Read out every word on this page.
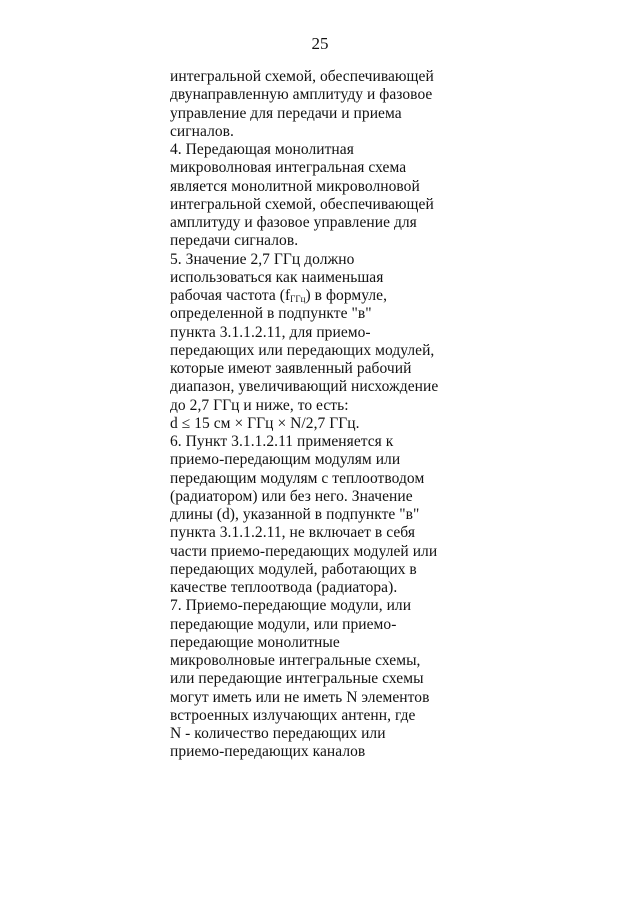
25
интегральной схемой, обеспечивающей
двунаправленную амплитуду и фазовое
управление для передачи и приема
сигналов.
4. Передающая монолитная
микроволновая интегральная схема
является монолитной микроволновой
интегральной схемой, обеспечивающей
амплитуду и фазовое управление для
передачи сигналов.
5. Значение 2,7 ГГц должно
использоваться как наименьшая
рабочая частота $(f_{ГГц})$ в формуле,
определенной в подпункте "в"
пункта 3.1.1.2.11, для приемо-
передающих или передающих модулей,
которые имеют заявленный рабочий
диапазон, увеличивающий нисхождение
до 2,7 ГГц и ниже, то есть:
d ≤ 15 см × ГГц × N/2,7 ГГц.
6. Пункт 3.1.1.2.11 применяется к
приемо-передающим модулям или
передающим модулям с теплоотводом
(радиатором) или без него. Значение
длины (d), указанной в подпункте "в"
пункта 3.1.1.2.11, не включает в себя
части приемо-передающих модулей или
передающих модулей, работающих в
качестве теплоотвода (радиатора).
7. Приемо-передающие модули, или
передающие модули, или приемо-
передающие монолитные
микроволновые интегральные схемы,
или передающие интегральные схемы
могут иметь или не иметь N элементов
встроенных излучающих антенн, где
N - количество передающих или
приемо-передающих каналов
